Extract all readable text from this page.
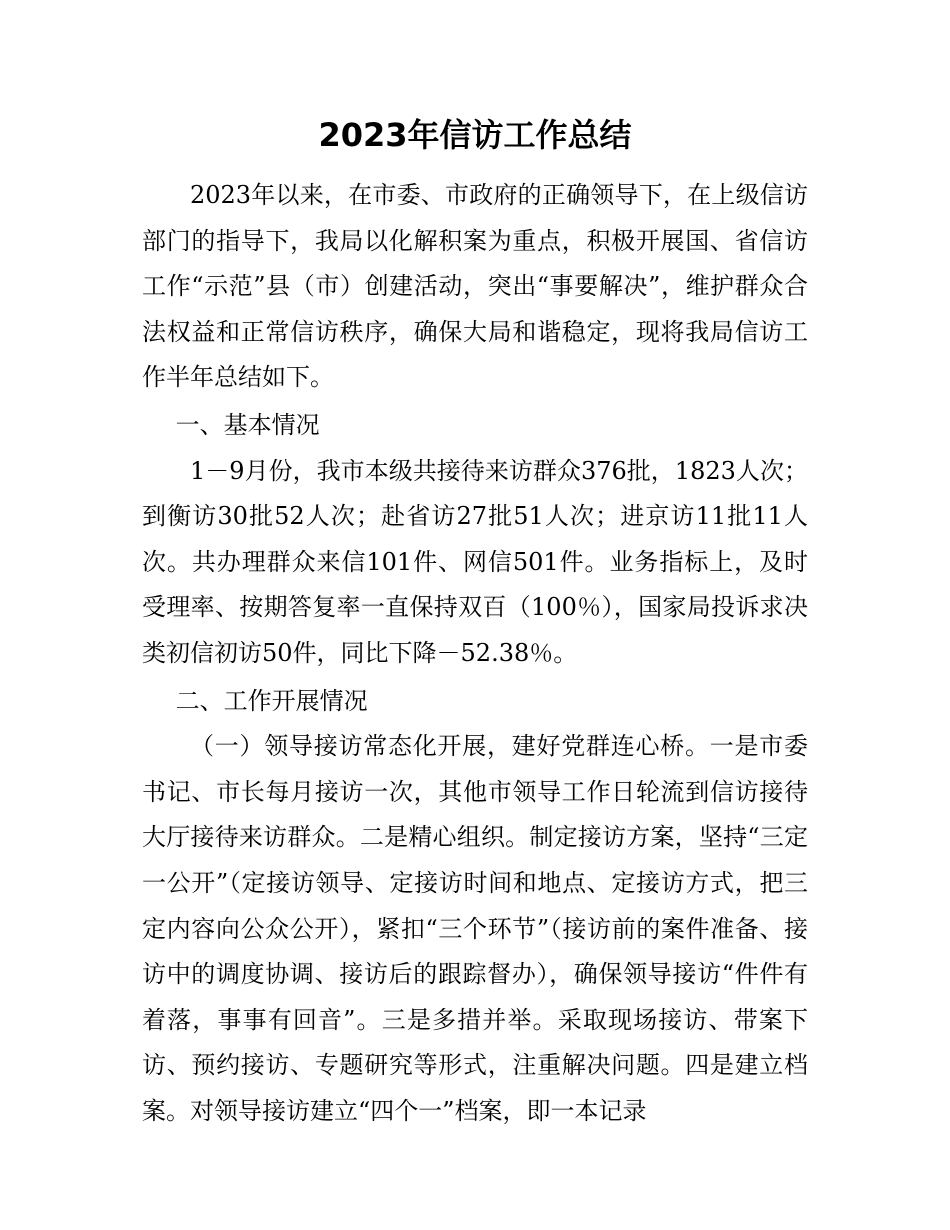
2023年信访工作总结

2023年以来，在市委、市政府的正确领导下，在上级信访部门的指导下，我局以化解积案为重点，积极开展国、省信访工作“示范”县（市）创建活动，突出“事要解决”，维护群众合法权益和正常信访秩序，确保大局和谐稳定，现将我局信访工作半年总结如下。

一、基本情况

1－9月份，我市本级共接待来访群众376批，1823人次；到衡访30批52人次；赴省访27批51人次；进京访11批11人次。共办理群众来信101件、网信501件。业务指标上，及时受理率、按期答复率一直保持双百（100％），国家局投诉求决类初信初访50件，同比下降－52.38％。

二、工作开展情况

（一）领导接访常态化开展，建好党群连心桥。一是市委书记、市长每月接访一次，其他市领导工作日轮流到信访接待大厅接待来访群众。二是精心组织。制定接访方案，坚持“三定一公开”（定接访领导、定接访时间和地点、定接访方式，把三定内容向公众公开），紧扣“三个环节”（接访前的案件准备、接访中的调度协调、接访后的跟踪督办），确保领导接访“件件有着落，事事有回音”。三是多措并举。采取现场接访、带案下访、预约接访、专题研究等形式，注重解决问题。四是建立档案。对领导接访建立“四个一”档案，即一本记录
